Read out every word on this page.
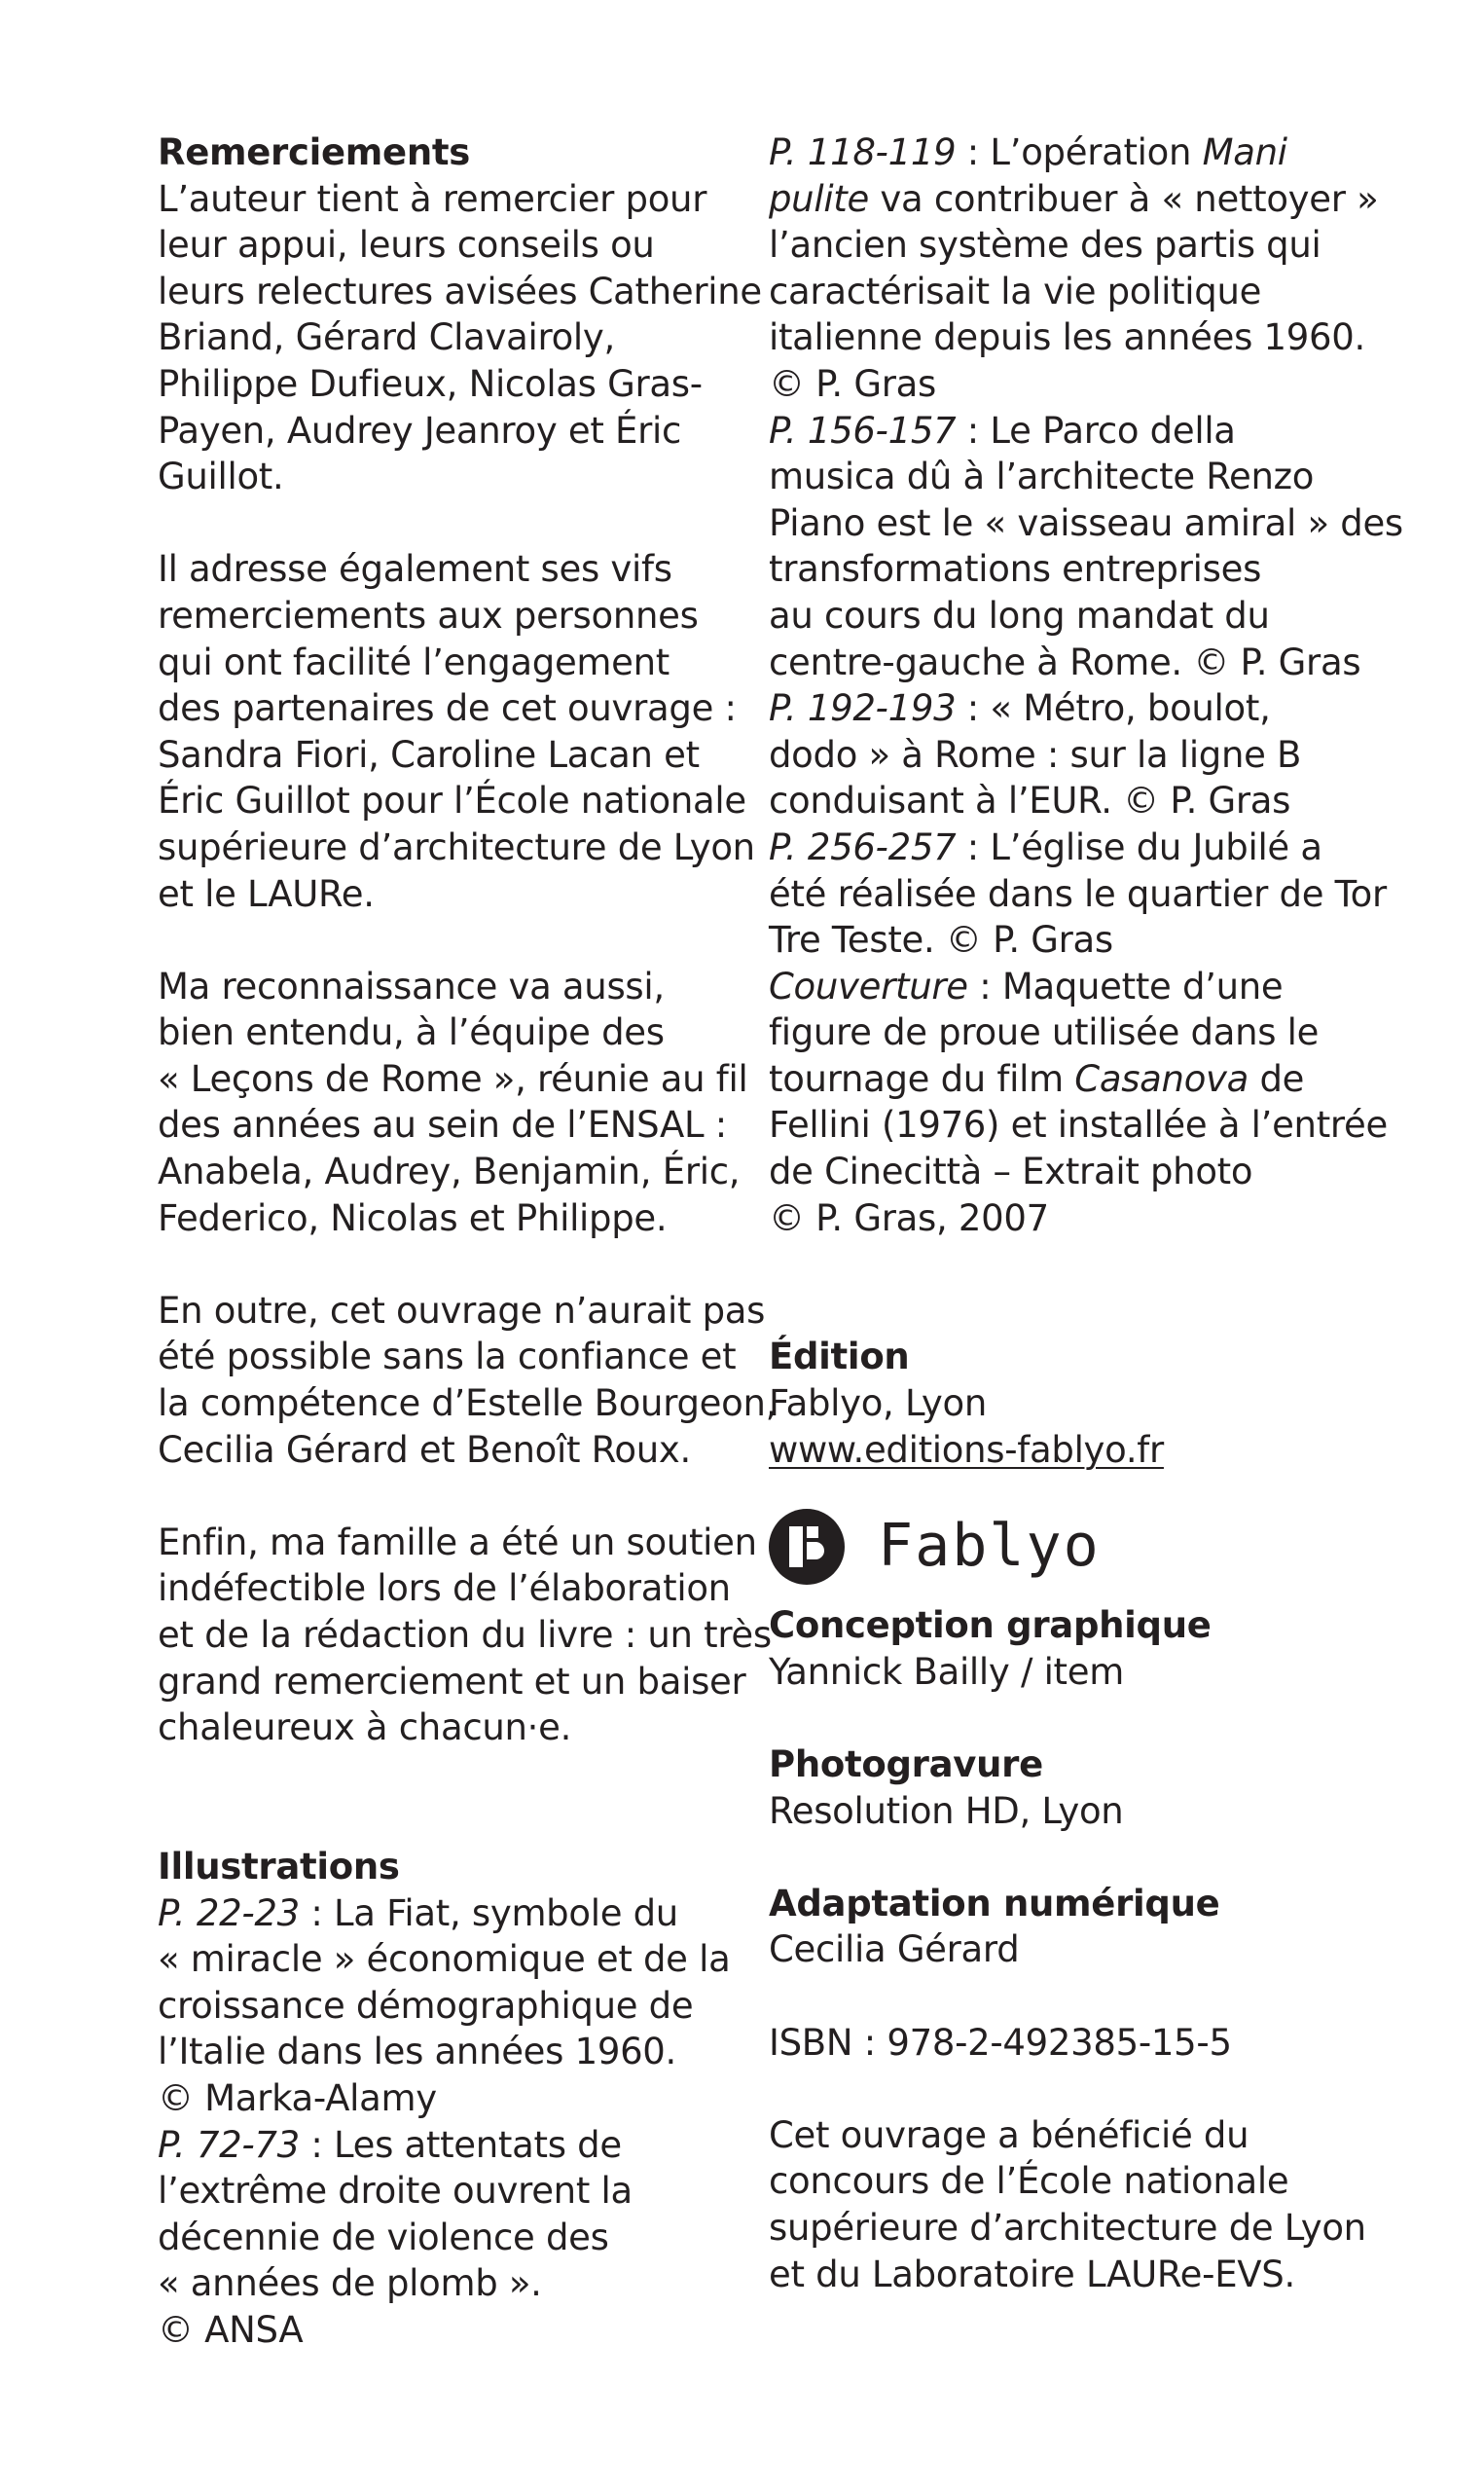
Remerciements

L’auteur tient à remercier pour
leur appui, leurs conseils ou
leurs relectures avisées Catherine
Briand, Gérard Clavairoly,
Philippe Dufieux, Nicolas Gras-
Payen, Audrey Jeanroy et Éric
Guillot.

Il adresse également ses vifs
remerciements aux personnes
qui ont facilité l’engagement
des partenaires de cet ouvrage :
Sandra Fiori, Caroline Lacan et
Éric Guillot pour l’École nationale
supérieure d’architecture de Lyon
et le LAURe.

Ma reconnaissance va aussi,
bien entendu, à l’équipe des
« Leçons de Rome », réunie au fil
des années au sein de l’ENSAL :
Anabela, Audrey, Benjamin, Éric,
Federico, Nicolas et Philippe.

En outre, cet ouvrage n’aurait pas
été possible sans la confiance et
la compétence d’Estelle Bourgeon,
Cecilia Gérard et Benoît Roux.

Enfin, ma famille a été un soutien
indéfectible lors de l’élaboration
et de la rédaction du livre : un très
grand remerciement et un baiser
chaleureux à chacun·e.

Illustrations

P. 22-23 : La Fiat, symbole du
« miracle » économique et de la
croissance démographique de
l’Italie dans les années 1960.
© Marka-Alamy

P. 72-73 : Les attentats de
l’extrême droite ouvrent la
décennie de violence des
« années de plomb ».
© ANSA

P. 118-119 : L’opération Mani
pulite va contribuer à « nettoyer »
l’ancien système des partis qui
caractérisait la vie politique
italienne depuis les années 1960.
© P. Gras

P. 156-157 : Le Parco della
musica dû à l’architecte Renzo
Piano est le « vaisseau amiral » des
transformations entreprises
au cours du long mandat du
centre-gauche à Rome. © P. Gras

P. 192-193 : « Métro, boulot,
dodo » à Rome : sur la ligne B
conduisant à l’EUR. © P. Gras

P. 256-257 : L’église du Jubilé a
été réalisée dans le quartier de Tor
Tre Teste. © P. Gras

Couverture : Maquette d’une
figure de proue utilisée dans le
tournage du film Casanova de
Fellini (1976) et installée à l’entrée
de Cinecittà – Extrait photo
© P. Gras, 2007

Édition
Fablyo, Lyon
www.editions-fablyo.fr
Fablyo
Conception graphique
Yannick Bailly / item
Photogravure
Resolution HD, Lyon
Adaptation numérique
Cecilia Gérard
ISBN : 978-2-492385-15-5

Cet ouvrage a bénéficié du
concours de l’École nationale
supérieure d’architecture de Lyon
et du Laboratoire LAURe-EVS.
